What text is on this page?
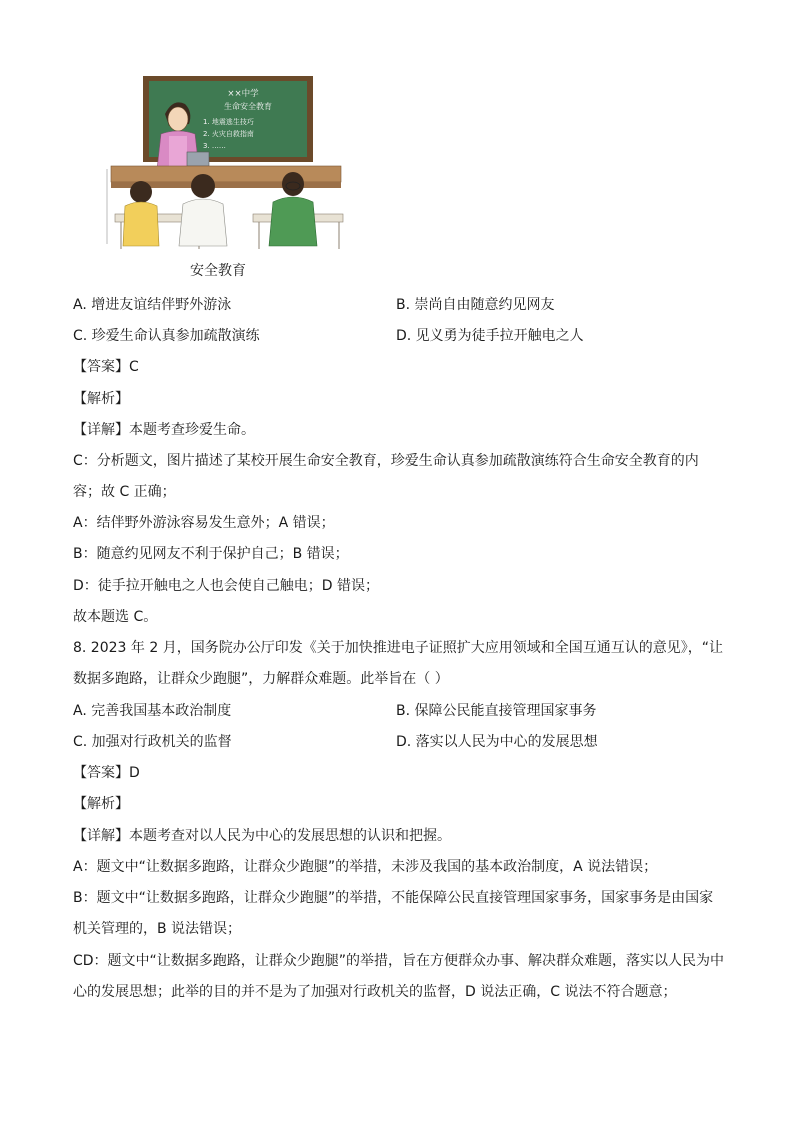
××中学
生命安全教育
1. 地震逃生技巧
2. 火灾自救指南
3. ……
安全教育
A. 增进友谊结伴野外游泳	B. 崇尚自由随意约见网友
C. 珍爱生命认真参加疏散演练	D. 见义勇为徒手拉开触电之人
【答案】C
【解析】
【详解】本题考查珍爱生命。
C：分析题文，图片描述了某校开展生命安全教育，珍爱生命认真参加疏散演练符合生命安全教育的内
容；故 C 正确；
A：结伴野外游泳容易发生意外；A 错误；
B：随意约见网友不利于保护自己；B 错误；
D：徒手拉开触电之人也会使自己触电；D 错误；
故本题选 C。
8. 2023 年 2 月，国务院办公厅印发《关于加快推进电子证照扩大应用领域和全国互通互认的意见》，“让
数据多跑路，让群众少跑腿”，力解群众难题。此举旨在（ ）
A. 完善我国基本政治制度	B. 保障公民能直接管理国家事务
C. 加强对行政机关的监督	D. 落实以人民为中心的发展思想
【答案】D
【解析】
【详解】本题考查对以人民为中心的发展思想的认识和把握。
A：题文中“让数据多跑路，让群众少跑腿”的举措，未涉及我国的基本政治制度，A 说法错误；
B：题文中“让数据多跑路，让群众少跑腿”的举措，不能保障公民直接管理国家事务，国家事务是由国家
机关管理的，B 说法错误；
CD：题文中“让数据多跑路，让群众少跑腿”的举措，旨在方便群众办事、解决群众难题，落实以人民为中
心的发展思想；此举的目的并不是为了加强对行政机关的监督，D 说法正确，C 说法不符合题意；
